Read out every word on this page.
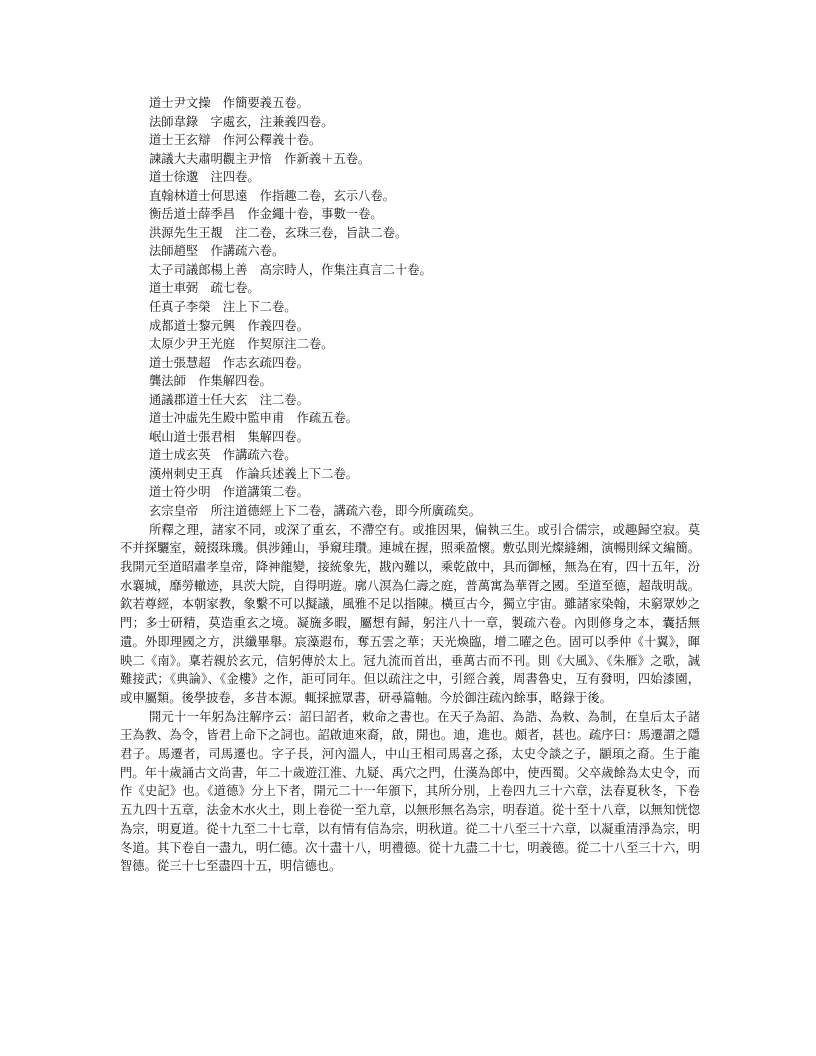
道士尹文操　作簡要義五卷。
法師韋錄　字處玄，注兼義四卷。
道士王玄辯　作河公釋義十卷。
諫議大夫肅明觀主尹愔　作新義＋五卷。
道士徐邈　注四卷。
直翰林道士何思遠　作指趣二卷，玄示八卷。
衡岳道士薛季昌　作金繩十卷，事數一卷。
洪源先生王覩　注二卷，玄珠三卷，旨訣二卷。
法師趙堅　作講疏六卷。
太子司議郎楊上善　高宗時人，作集注真言二十卷。
道士車弼　疏七卷。
任真子李榮　注上下二卷。
成都道士黎元興　作義四卷。
太原少尹王光庭　作契原注二卷。
道士張慧超　作志玄疏四卷。
龔法師　作集解四卷。
通議郡道士任大玄　注二卷。
道士冲虛先生殿中監申甫　作疏五卷。
岷山道士張君相　集解四卷。
道士成玄英　作講疏六卷。
漢州刺史王真　作論兵述義上下二卷。
道士符少明　作道講策二卷。
玄宗皇帝　所注道德經上下二卷，講疏六卷，即今所廣疏矣。

所釋之理，諸家不同，或深了重玄，不滯空有。或推因果，偏執三生。或引合儒宗，或趣歸空寂。莫不并探驪室，競掇珠璣。俱涉鍾山，爭窺珪瓚。連城在握，照乘盈懷。敷弘則光燦縫緗，演暢則綵文編簡。我開元至道昭肅孝皇帝，降神龍變，接統象先，戡內難以，乘乾啟中，具而御極，無為在宥，四十五年，汾水襄城，靡勞轍迹，具茨大院，自得明遊。廓八溟為仁壽之庭，普萬寓為華胥之國。至道至德，超哉明哉。欽若尊經，本朝家教，象繫不可以擬議，風雅不足以指陳。橫亘古今，獨立宇宙。雖諸家染翰，未窮眾妙之門；多士研精，莫造重玄之境。凝旒多暇，屬想有歸，躬注八十一章，製疏六卷。內則修身之本，囊括無遺。外即理國之方，洪纖畢舉。宸藻遐布，奪五雲之華；天光煥臨，增二曜之色。固可以季仲《十翼》，暉映二《南》。稟若親於玄元，信躬傳於太上。冠九流而首出，垂萬古而不刊。則《大風》、《朱雁》之歌，誠難接武；《典論》、《金樓》之作，詎可同年。但以疏注之中，引經合義，周書魯史，互有發明，四始漆園，或申屬類。後學披卷，多昔本源。輒採摭眾書，研尋篇軸。今於御注疏內餘事，略錄于後。

開元十一年躬為注解序云：詔曰詔者，敕命之書也。在天子為詔、為誥、為敕、為制，在皇后太子諸王為教、為令，皆君上命下之詞也。詔啟迪來裔，啟，開也。迪，進也。頗者，甚也。疏序曰：馬遷謂之隱君子。馬遷者，司馬遷也。字子長，河內溫人，中山王相司馬喜之孫，太史令談之子，顓頊之裔。生于龍門。年十歲誦古文尚書，年二十歲遊江淮、九疑、禹穴之門，仕漢為郎中，使西蜀。父卒歲餘為太史令，而作《史記》也。《道德》分上下者，開元二十一年頒下，其所分別，上卷四九三十六章，法春夏秋冬，下卷五九四十五章，法金木水火土，則上卷從一至九章，以無形無名為宗，明春道。從十至十八章，以無知恍惚為宗，明夏道。從十九至二十七章，以有情有信為宗，明秋道。從二十八至三十六章，以凝重清淨為宗，明冬道。其下卷自一盡九，明仁德。次十盡十八，明禮德。從十九盡二十七，明義德。從二十八至三十六，明智德。從三十七至盡四十五，明信德也。
